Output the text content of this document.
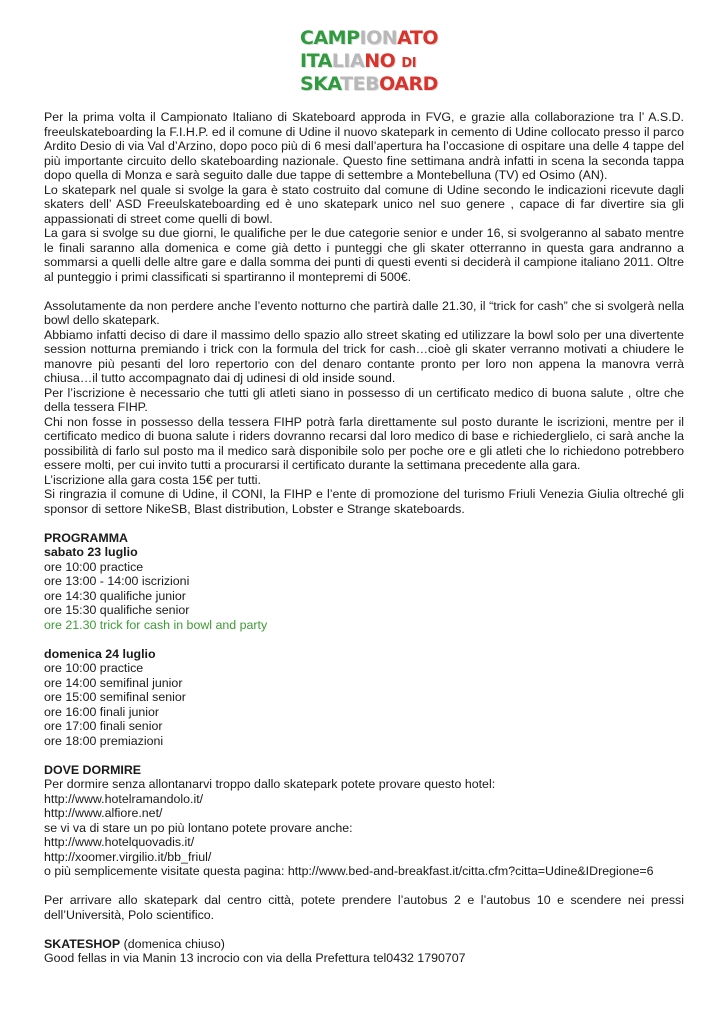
CAMPIONATO
ITALIANO DI
SKATEBOARD

Per la prima volta il Campionato Italiano di Skateboard approda in FVG, e grazie alla collaborazione tra l’ A.S.D. freeulskateboarding la F.I.H.P. ed il comune di Udine il nuovo skatepark in cemento di Udine collocato presso il parco Ardito Desio di via Val d’Arzino, dopo poco più di 6 mesi dall’apertura ha l’occasione di ospitare una delle 4 tappe del più importante circuito dello skateboarding nazionale. Questo fine settimana andrà infatti in scena la seconda tappa dopo quella di Monza e sarà seguito dalle due tappe di settembre a Montebelluna (TV) ed Osimo (AN).

Lo skatepark nel quale si svolge la gara è stato costruito dal comune di Udine secondo le indicazioni ricevute dagli skaters dell’ ASD Freeulskateboarding ed è uno skatepark unico nel suo genere , capace di far divertire sia gli appassionati di street come quelli di bowl.

La gara si svolge su due giorni, le qualifiche per le due categorie senior e under 16, si svolgeranno al sabato mentre le finali saranno alla domenica e come già detto i punteggi che gli skater otterranno in questa gara andranno a sommarsi a quelli delle altre gare e dalla somma dei punti di questi eventi si deciderà il campione italiano 2011. Oltre al punteggio i primi classificati si spartiranno il montepremi di 500€.

Assolutamente da non perdere anche l’evento notturno che partirà dalle 21.30, il “trick for cash” che si svolgerà nella bowl dello skatepark.

Abbiamo infatti deciso di dare il massimo dello spazio allo street skating ed utilizzare la bowl solo per una divertente session notturna premiando i trick con la formula del trick for cash…cioè gli skater verranno motivati a chiudere le manovre più pesanti del loro repertorio con del denaro contante pronto per loro non appena la manovra verrà chiusa…il tutto accompagnato dai dj udinesi di old inside sound.

Per l’iscrizione è necessario che tutti gli atleti siano in possesso di un certificato medico di buona salute , oltre che della tessera FIHP.

Chi non fosse in possesso della tessera FIHP potrà farla direttamente sul posto durante le iscrizioni, mentre per il certificato medico di buona salute i riders dovranno recarsi dal loro medico di base e richiederglielo, ci sarà anche la possibilità di farlo sul posto ma il medico sarà disponibile solo per poche ore e gli atleti che lo richiedono potrebbero essere molti, per cui invito tutti a procurarsi il certificato durante la settimana precedente alla gara.

L’iscrizione alla gara costa 15€ per tutti.

Si ringrazia il comune di Udine, il CONI, la FIHP e l’ente di promozione del turismo Friuli Venezia Giulia oltreché gli sponsor di settore NikeSB, Blast distribution, Lobster e Strange skateboards.

PROGRAMMA

sabato 23 luglio

ore 10:00 practice

ore 13:00 - 14:00 iscrizioni

ore 14:30 qualifiche junior

ore 15:30 qualifiche senior

ore 21.30 trick for cash in bowl and party

domenica 24 luglio

ore 10:00 practice

ore 14:00 semifinal junior

ore 15:00 semifinal senior

ore 16:00 finali junior

ore 17:00 finali senior

ore 18:00 premiazioni

DOVE DORMIRE

Per dormire senza allontanarvi troppo dallo skatepark potete provare questo hotel:

http://www.hotelramandolo.it/

http://www.alfiore.net/

se vi va di stare un po più lontano potete provare anche:

http://www.hotelquovadis.it/

http://xoomer.virgilio.it/bb_friul/

o più semplicemente visitate questa pagina: http://www.bed-and-breakfast.it/citta.cfm?citta=Udine&IDregione=6

Per arrivare allo skatepark dal centro città, potete prendere l’autobus 2 e l’autobus 10 e scendere nei pressi dell’Università, Polo scientifico.

SKATESHOP (domenica chiuso)

Good fellas in via Manin 13 incrocio con via della Prefettura tel0432 1790707
